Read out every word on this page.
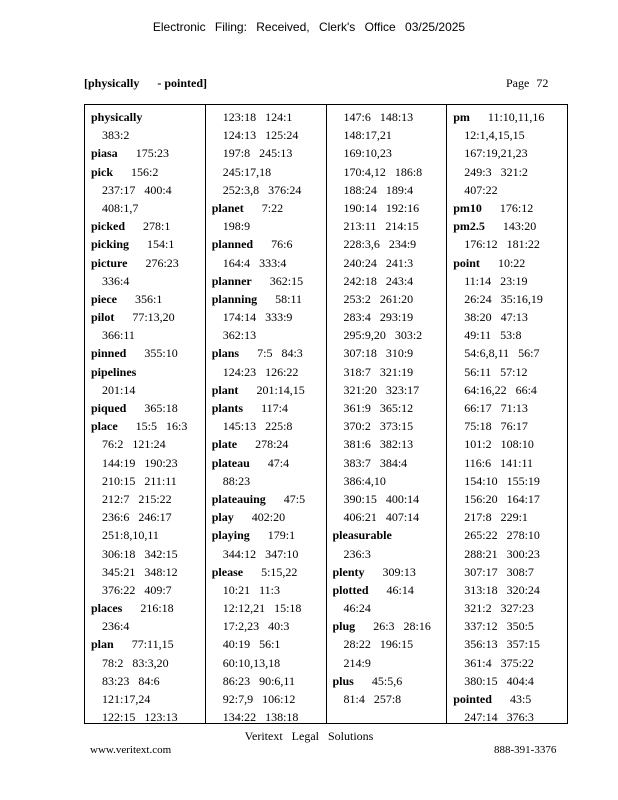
Electronic Filing: Received, Clerk's Office 03/25/2025
[physically - pointed]	Page 72
physically
383:2
piasa 175:23
pick 156:2
237:17   400:4
408:1,7
picked 278:1
picking 154:1
picture 276:23
336:4
piece 356:1
pilot 77:13,20
366:11
pinned 355:10
pipelines
201:14
piqued 365:18
place 15:5   16:3
76:2   121:24
144:19   190:23
210:15   211:11
212:7   215:22
236:6   246:17
251:8,10,11
306:18   342:15
345:21   348:12
376:22   409:7
places 216:18
236:4
plan 77:11,15
78:2   83:3,20
83:23   84:6
121:17,24
122:15   123:13
123:18   124:1
124:13   125:24
197:8   245:13
245:17,18
252:3,8   376:24
planet 7:22
198:9
planned 76:6
164:4   333:4
planner 362:15
planning 58:11
174:14   333:9
362:13
plans 7:5   84:3
124:23   126:22
plant 201:14,15
plants 117:4
145:13   225:8
plate 278:24
plateau 47:4
88:23
plateauing 47:5
play 402:20
playing 179:1
344:12   347:10
please 5:15,22
10:21   11:3
12:12,21   15:18
17:2,23   40:3
40:19   56:1
60:10,13,18
86:23   90:6,11
92:7,9   106:12
134:22   138:18
147:6   148:13
148:17,21
169:10,23
170:4,12   186:8
188:24   189:4
190:14   192:16
213:11   214:15
228:3,6   234:9
240:24   241:3
242:18   243:4
253:2   261:20
283:4   293:19
295:9,20   303:2
307:18   310:9
318:7   321:19
321:20   323:17
361:9   365:12
370:2   373:15
381:6   382:13
383:7   384:4
386:4,10
390:15   400:14
406:21   407:14
pleasurable
236:3
plenty 309:13
plotted 46:14
46:24
plug 26:3   28:16
28:22   196:15
214:9
plus 45:5,6
81:4   257:8
pm 11:10,11,16
12:1,4,15,15
167:19,21,23
249:3   321:2
407:22
pm10 176:12
pm2.5 143:20
176:12   181:22
point 10:22
11:14   23:19
26:24   35:16,19
38:20   47:13
49:11   53:8
54:6,8,11   56:7
56:11   57:12
64:16,22   66:4
66:17   71:13
75:18   76:17
101:2   108:10
116:6   141:11
154:10   155:19
156:20   164:17
217:8   229:1
265:22   278:10
288:21   300:23
307:17   308:7
313:18   320:24
321:2   327:23
337:12   350:5
356:13   357:15
361:4   375:22
380:15   404:4
pointed 43:5
247:14   376:3
Veritext Legal Solutions
www.veritext.com	888-391-3376
